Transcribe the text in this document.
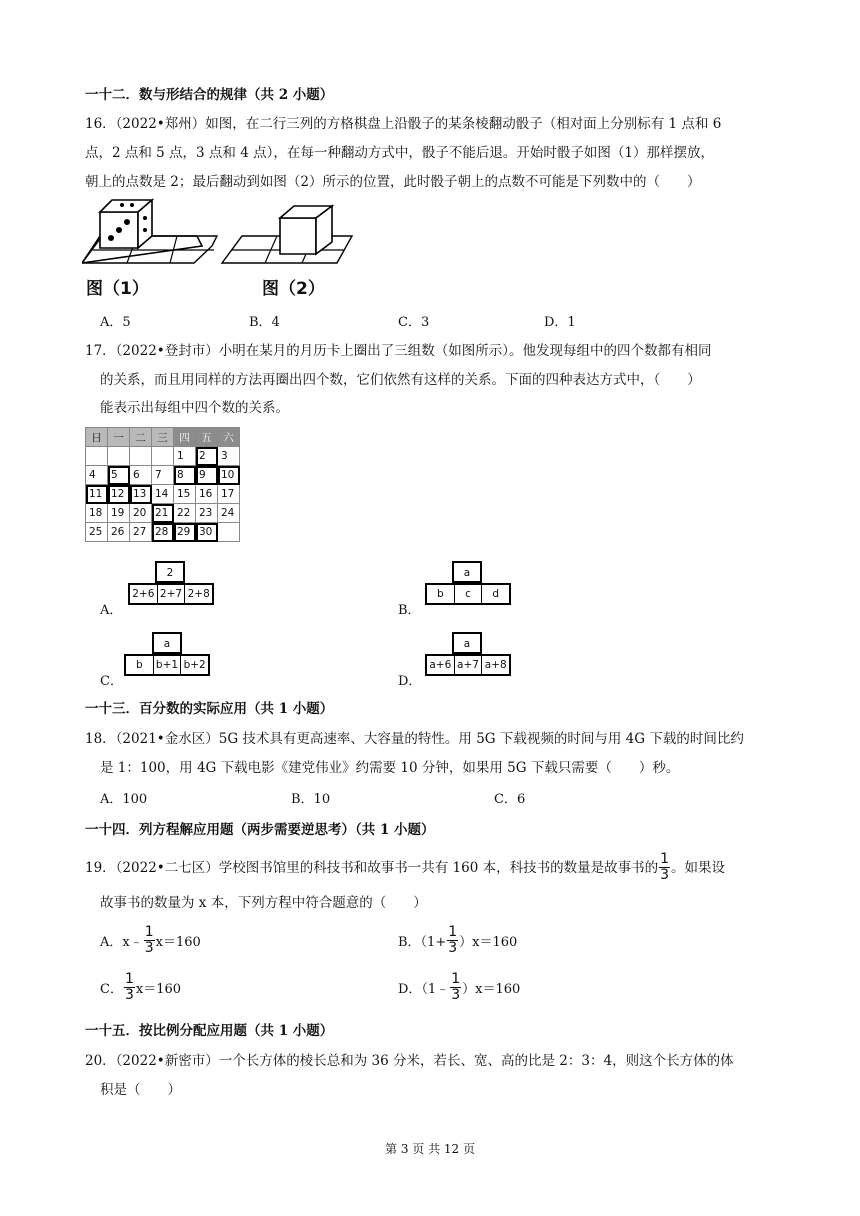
一十二．数与形结合的规律（共 2 小题）
16．（2022•郑州）如图，在二行三列的方格棋盘上沿骰子的某条棱翻动骰子（相对面上分别标有 1 点和 6
点，2 点和 5 点，3 点和 4 点），在每一种翻动方式中，骰子不能后退。开始时骰子如图（1）那样摆放，
朝上的点数是 2；最后翻动到如图（2）所示的位置，此时骰子朝上的点数不可能是下列数中的（　　）
图（1）	图（2）
A．5	B．4	C．3	D．1
17．（2022•登封市）小明在某月的月历卡上圈出了三组数（如图所示）。他发现每组中的四个数都有相同
的关系，而且用同样的方法再圈出四个数，它们依然有这样的关系。下面的四种表达方式中，（　　）
能表示出每组中四个数的关系。
日	一	二	三	四	五	六
				1	2	3
4	5	6	7	8	9	10
11	12	13	14	15	16	17
18	19	20	21	22	23	24
25	26	27	28	29	30	
A．
2
2+6 2+7 2+8
B．
a
b	c	d
C．
a
b	b+1 b+2
D．
a
a+6 a+7 a+8
一十三．百分数的实际应用（共 1 小题）
18．（2021•金水区）5G 技术具有更高速率、大容量的特性。用 5G 下载视频的时间与用 4G 下载的时间比约
是 1：100，用 4G 下载电影《建党伟业》约需要 10 分钟，如果用 5G 下载只需要（　　）秒。
A．100	B．10	C．6
一十四．列方程解应用题（两步需要逆思考）（共 1 小题）
19．（2022•二七区）学校图书馆里的科技书和故事书一共有 160 本，科技书的数量是故事书的 $\frac{1}{3}$ 。如果设
故事书的数量为 x 本，下列方程中符合题意的（　　）
A．x﹣ $\frac{1}{3} x=160$	B．$(1+ \frac{1}{3} )x=160$
C． $\frac{1}{3} x=160$	D．（1﹣ $\frac{1}{3} )x=160$
一十五．按比例分配应用题（共 1 小题）
20．（2022•新密市）一个长方体的棱长总和为 36 分米，若长、宽、高的比是 2：3：4，则这个长方体的体
积是（　　）
第 3 页 共 12 页
